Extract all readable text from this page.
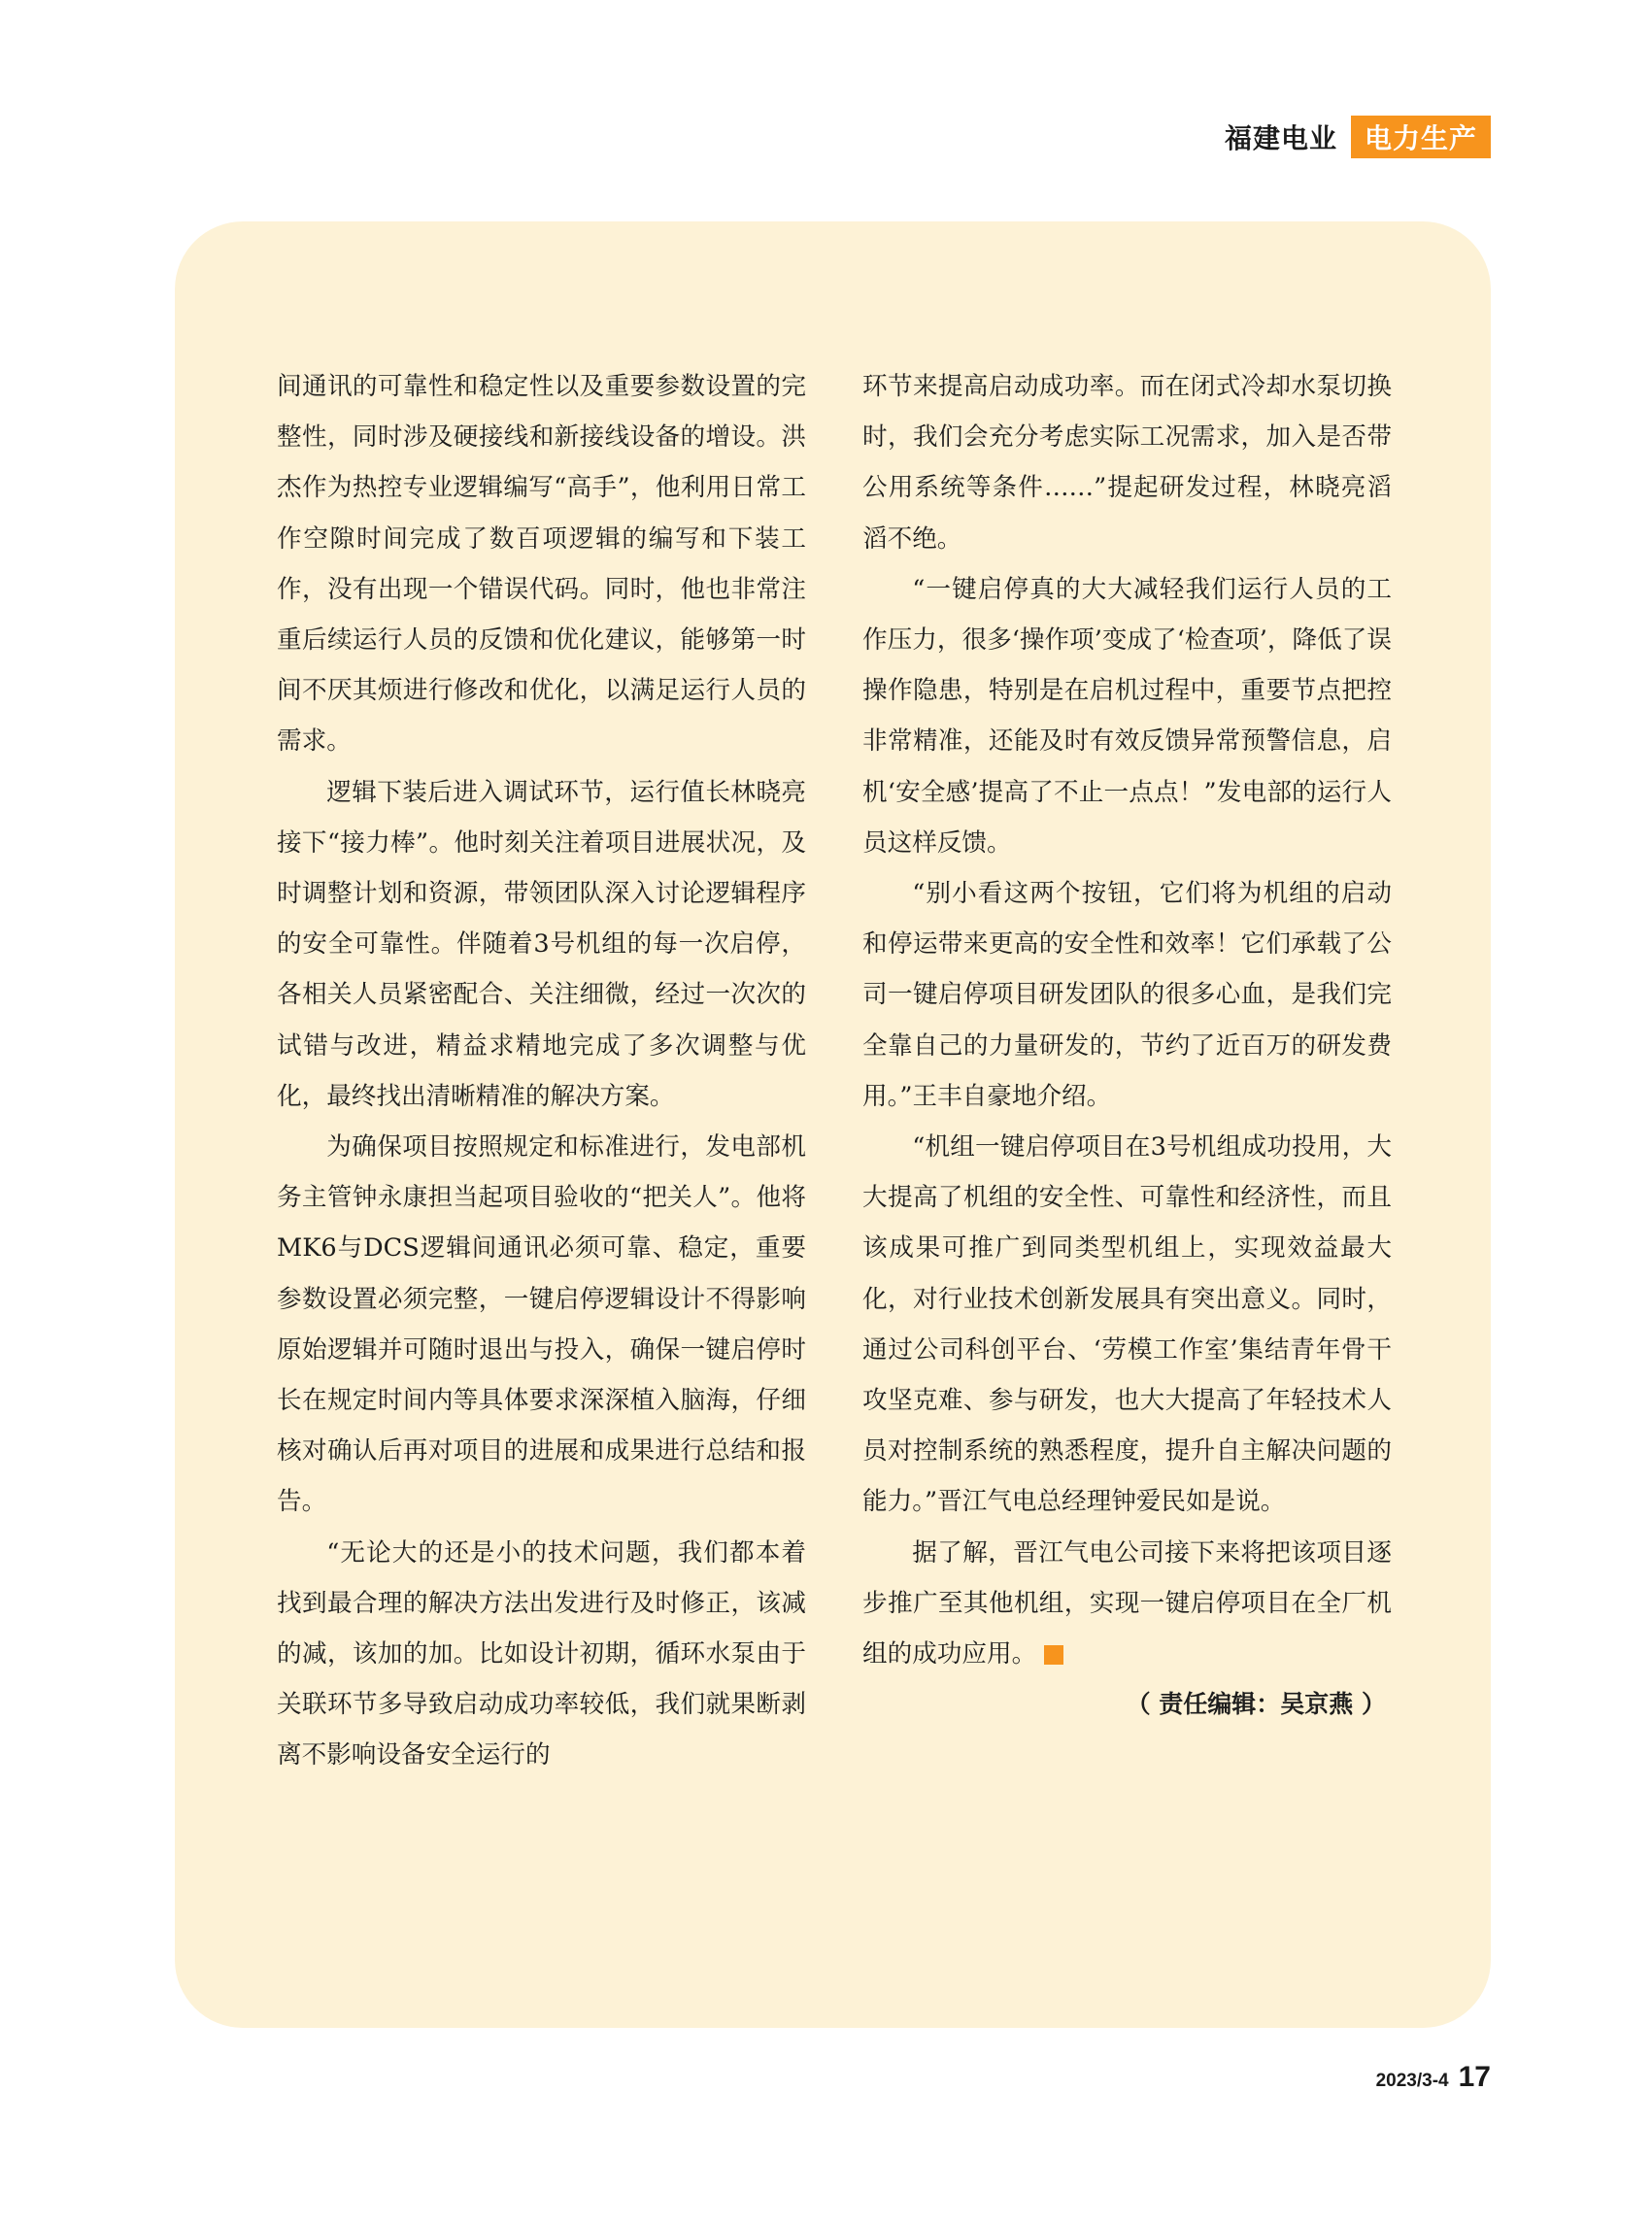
福建电业	电力生产

间通讯的可靠性和稳定性以及重要参数设置的完整性，同时涉及硬接线和新接线设备的增设。洪杰作为热控专业逻辑编写“高手”，他利用日常工作空隙时间完成了数百项逻辑的编写和下装工作，没有出现一个错误代码。同时，他也非常注重后续运行人员的反馈和优化建议，能够第一时间不厌其烦进行修改和优化，以满足运行人员的需求。

逻辑下装后进入调试环节，运行值长林晓亮接下“接力棒”。他时刻关注着项目进展状况，及时调整计划和资源，带领团队深入讨论逻辑程序的安全可靠性。伴随着3号机组的每一次启停，各相关人员紧密配合、关注细微，经过一次次的试错与改进，精益求精地完成了多次调整与优化，最终找出清晰精准的解决方案。

为确保项目按照规定和标准进行，发电部机务主管钟永康担当起项目验收的“把关人”。他将MK6与DCS逻辑间通讯必须可靠、稳定，重要参数设置必须完整，一键启停逻辑设计不得影响原始逻辑并可随时退出与投入，确保一键启停时长在规定时间内等具体要求深深植入脑海，仔细核对确认后再对项目的进展和成果进行总结和报告。

“无论大的还是小的技术问题，我们都本着找到最合理的解决方法出发进行及时修正，该减的减，该加的加。比如设计初期，循环水泵由于关联环节多导致启动成功率较低，我们就果断剥离不影响设备安全运行的

环节来提高启动成功率。而在闭式冷却水泵切换时，我们会充分考虑实际工况需求，加入是否带公用系统等条件……”提起研发过程，林晓亮滔滔不绝。

“一键启停真的大大减轻我们运行人员的工作压力，很多‘操作项’变成了‘检查项’，降低了误操作隐患，特别是在启机过程中，重要节点把控非常精准，还能及时有效反馈异常预警信息，启机‘安全感’提高了不止一点点！”发电部的运行人员这样反馈。

“别小看这两个按钮，它们将为机组的启动和停运带来更高的安全性和效率！它们承载了公司一键启停项目研发团队的很多心血，是我们完全靠自己的力量研发的，节约了近百万的研发费用。”王丰自豪地介绍。

“机组一键启停项目在3号机组成功投用，大大提高了机组的安全性、可靠性和经济性，而且该成果可推广到同类型机组上，实现效益最大化，对行业技术创新发展具有突出意义。同时，通过公司科创平台、‘劳模工作室’集结青年骨干攻坚克难、参与研发，也大大提高了年轻技术人员对控制系统的熟悉程度，提升自主解决问题的能力。”晋江气电总经理钟爱民如是说。

据了解，晋江气电公司接下来将把该项目逐步推广至其他机组，实现一键启停项目在全厂机组的成功应用。

（ 责任编辑：吴京燕 ）

2023/3-4 17
